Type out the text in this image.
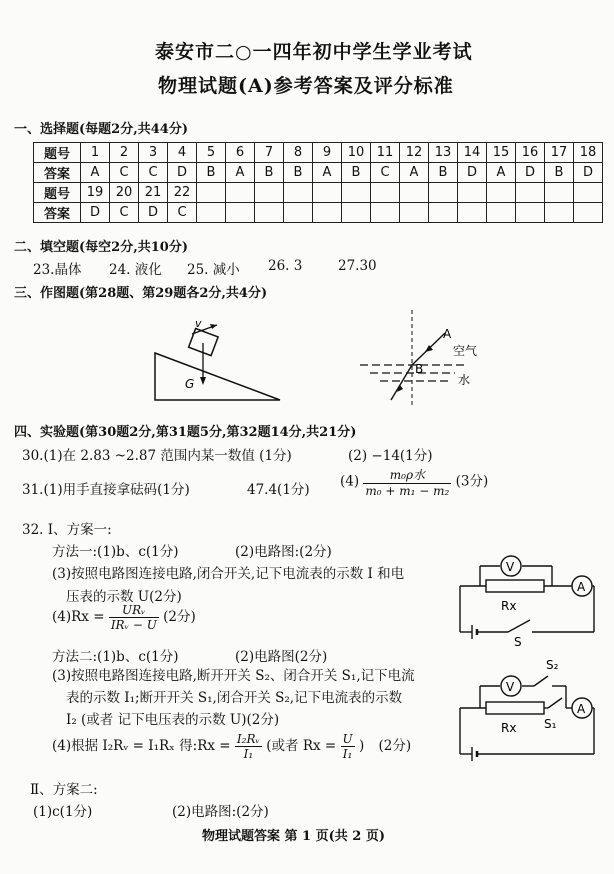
泰安市二○一四年初中学生学业考试
物理试题(A)参考答案及评分标准
一、选择题(每题2分,共44分)
题号	1	2	3	4	5	6	7	8	9	10	11	12	13	14	15	16	17	18
答案	A	C	C	D	B	A	B	B	A	B	C	A	B	D	A	D	B	D
题号	19	20	21	22														
答案	D	C	D	C														
二、填空题(每空2分,共10分)
23.晶体 24. 液化 25. 减小 26. 3	27.30
三、作图题(第28题、第29题各2分,共4分)
v
G
A
B
空气
水
四、实验题(第30题2分,第31题5分,第32题14分,共21分)
30.(1)在 2.83 ~2.87 范围内某一数值 (1分)	(2) −14(1分)
31.(1)用手直接拿砝码(1分)	47.4(1分)
$(4) \frac{\text{m₀ρ水}}{\text{m₀ + m₁ − m₂}} (3$分)
32. Ⅰ、方案一:
方法一:(1)b、c(1分)	(2)电路图:(2分)
(3)按照电路图连接电路,闭合开关,记下电流表的示数 I 和电
压表的示数 U(2分)
$(4)Rx = \frac{\text{URᵥ}}{\text{IRᵥ − U}} (2$分)
方法二:(1)b、c(1分)	(2)电路图(2分)
(3)按照电路图连接电路,断开开关 S₂、闭合开关 S₁,记下电流
表的示数 I₁;断开开关 S₁,闭合开关 S₂,记下电流表的示数
I₂ (或者 记下电压表的示数 U)(2分)
(4)根据 I₂Rᵥ = I₁Rₓ 得:Rx = $\frac{\text{I₂Rᵥ}}{\text{I₁}}$ (或者 $Rx = \frac{U}{\text{I₁}}$ ) (2分)
Ⅱ、方案二:
(1)c(1分)	(2)电路图:(2分)
V
A
Rx
S
V
A
Rx
S₂
S₁
物理试题答案 第 1 页(共 2 页)
